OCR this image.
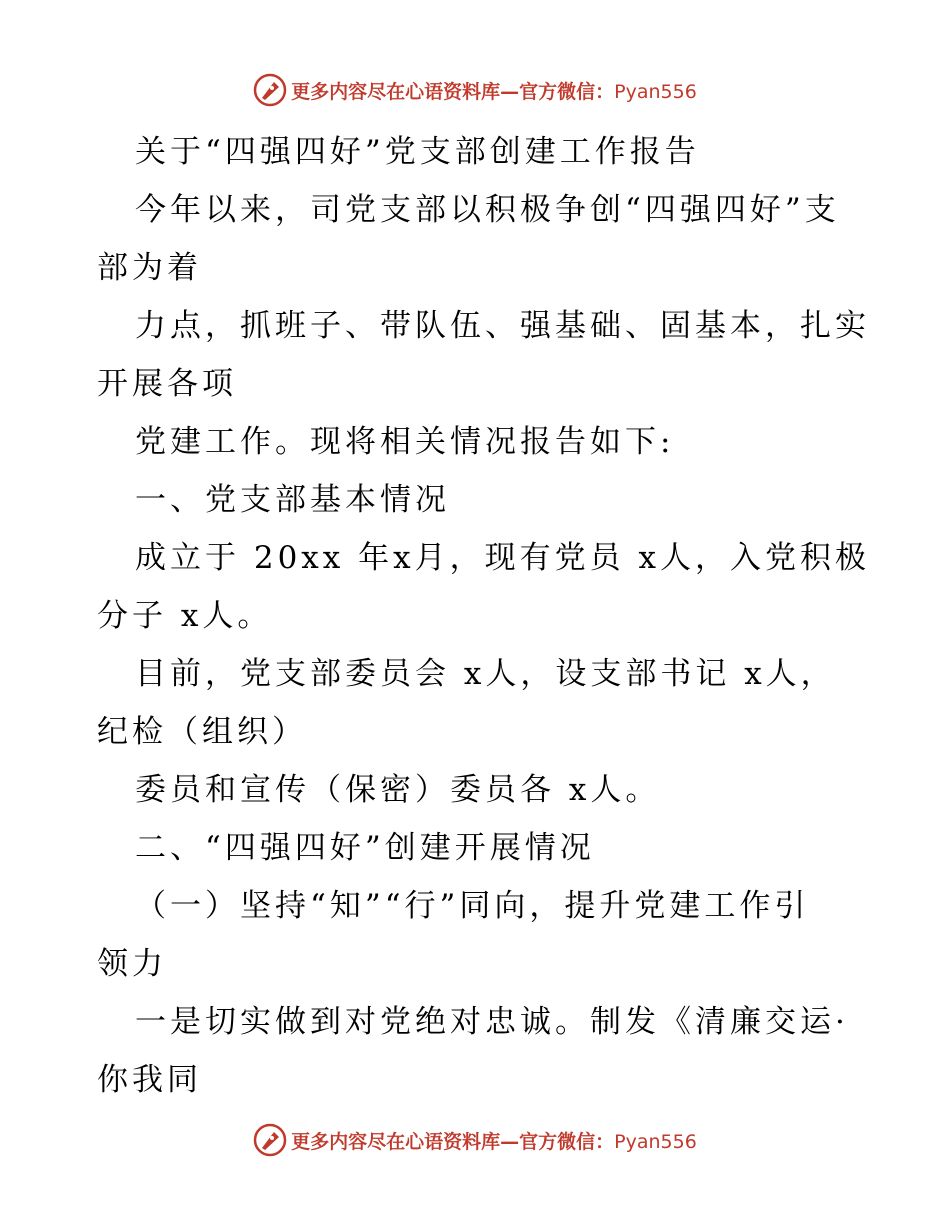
更多内容尽在心语资料库—官方微信：Pyan556
关于“四强四好”党支部创建工作报告
今年以来，司党支部以积极争创“四强四好”支
部为着
力点，抓班子、带队伍、强基础、固基本，扎实
开展各项
党建工作。现将相关情况报告如下:
一、党支部基本情况
成立于 20xx 年x月，现有党员 x人，入党积极
分子 x人。
目前，党支部委员会 x人，设支部书记 x人，
纪检（组织）
委员和宣传（保密）委员各 x人。
二、“四强四好”创建开展情况
（一）坚持“知”“行”同向，提升党建工作引
领力
一是切实做到对党绝对忠诚。制发《清廉交运·
你我同
更多内容尽在心语资料库—官方微信：Pyan556
